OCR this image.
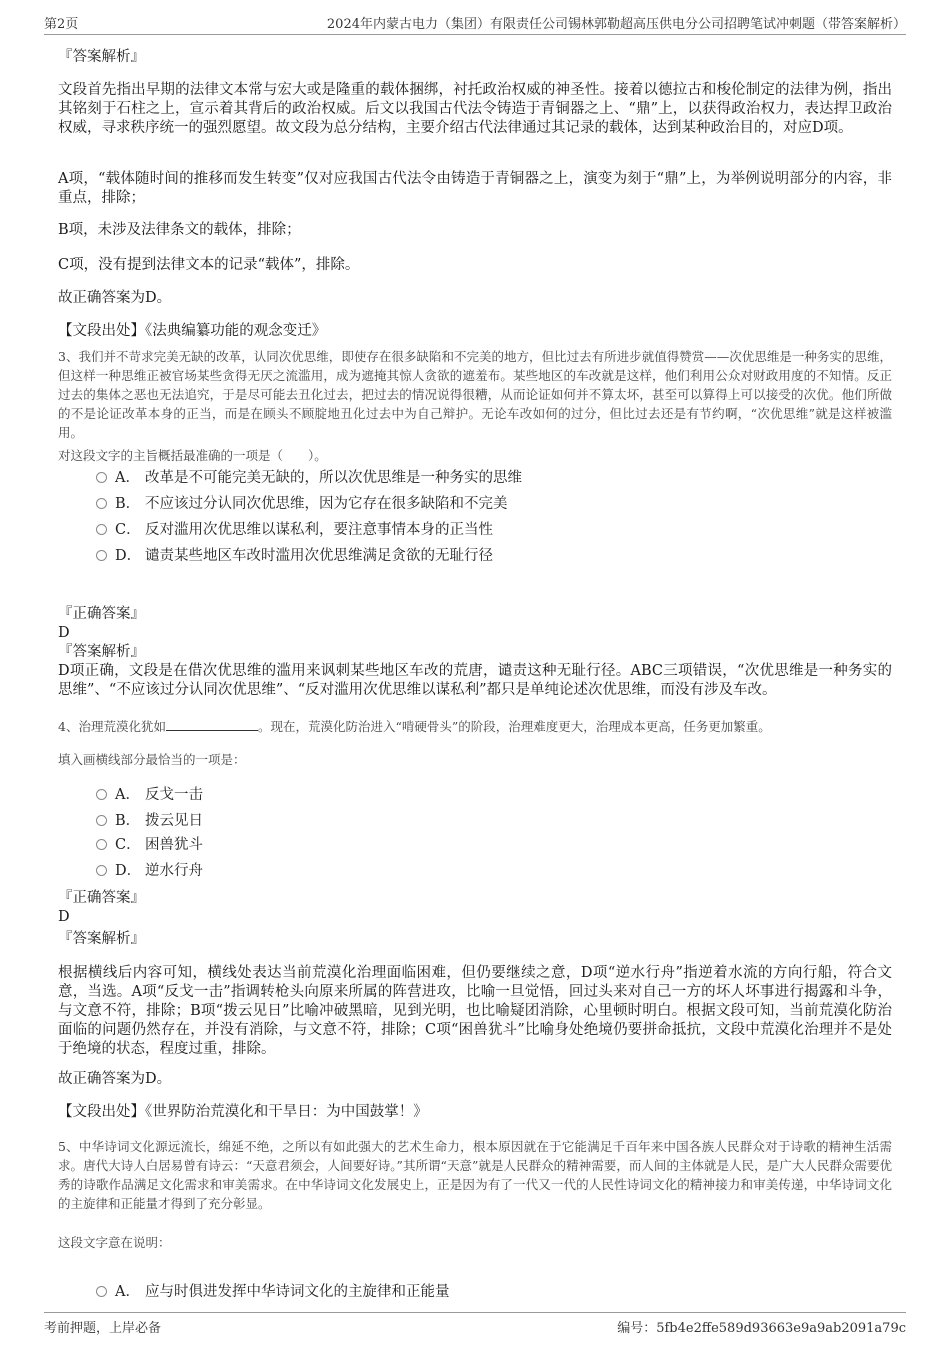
第2页	2024年内蒙古电力（集团）有限责任公司锡林郭勒超高压供电分公司招聘笔试冲刺题（带答案解析）
『答案解析』
文段首先指出早期的法律文本常与宏大或是隆重的载体捆绑，衬托政治权威的神圣性。接着以德拉古和梭伦制定的法律为例，指出其铭刻于石柱之上，宣示着其背后的政治权威。后文以我国古代法令铸造于青铜器之上、“鼎”上，以获得政治权力，表达捍卫政治权威，寻求秩序统一的强烈愿望。故文段为总分结构，主要介绍古代法律通过其记录的载体，达到某种政治目的，对应D项。
A项，“载体随时间的推移而发生转变”仅对应我国古代法令由铸造于青铜器之上，演变为刻于“鼎”上，为举例说明部分的内容，非重点，排除；
B项，未涉及法律条文的载体，排除；
C项，没有提到法律文本的记录“载体”，排除。
故正确答案为D。
【文段出处】《法典编纂功能的观念变迁》
3、我们并不苛求完美无缺的改革，认同次优思维，即使存在很多缺陷和不完美的地方，但比过去有所进步就值得赞赏——次优思维是一种务实的思维，但这样一种思维正被官场某些贪得无厌之流滥用，成为遮掩其惊人贪欲的遮羞布。某些地区的车改就是这样，他们利用公众对财政用度的不知情。反正过去的集体之恶也无法追究，于是尽可能去丑化过去，把过去的情况说得很糟，从而论证如何并不算太坏，甚至可以算得上可以接受的次优。他们所做的不是论证改革本身的正当，而是在顾头不顾腚地丑化过去中为自己辩护。无论车改如何的过分，但比过去还是有节约啊，“次优思维”就是这样被滥用。
对这段文字的主旨概括最准确的一项是（　　）。
A． 改革是不可能完美无缺的，所以次优思维是一种务实的思维
B． 不应该过分认同次优思维，因为它存在很多缺陷和不完美
C． 反对滥用次优思维以谋私利，要注意事情本身的正当性
D． 谴责某些地区车改时滥用次优思维满足贪欲的无耻行径
『正确答案』
D
『答案解析』
D项正确，文段是在借次优思维的滥用来讽刺某些地区车改的荒唐，谴责这种无耻行径。ABC三项错误，“次优思维是一种务实的思维”、“不应该过分认同次优思维”、“反对滥用次优思维以谋私利”都只是单纯论述次优思维，而没有涉及车改。
4、治理荒漠化犹如	。现在，荒漠化防治进入“啃硬骨头”的阶段，治理难度更大，治理成本更高，任务更加繁重。
填入画横线部分最恰当的一项是：
A． 反戈一击
B． 拨云见日
C． 困兽犹斗
D． 逆水行舟
『正确答案』
D
『答案解析』
根据横线后内容可知，横线处表达当前荒漠化治理面临困难，但仍要继续之意，D项“逆水行舟”指逆着水流的方向行船，符合文意，当选。A项“反戈一击”指调转枪头向原来所属的阵营进攻，比喻一旦觉悟，回过头来对自己一方的坏人坏事进行揭露和斗争，与文意不符，排除；B项“拨云见日”比喻冲破黑暗，见到光明，也比喻疑团消除，心里顿时明白。根据文段可知，当前荒漠化防治面临的问题仍然存在，并没有消除，与文意不符，排除；C项“困兽犹斗”比喻身处绝境仍要拼命抵抗，文段中荒漠化治理并不是处于绝境的状态，程度过重，排除。
故正确答案为D。
【文段出处】《世界防治荒漠化和干旱日：为中国鼓掌！》
5、中华诗词文化源远流长，绵延不绝，之所以有如此强大的艺术生命力，根本原因就在于它能满足千百年来中国各族人民群众对于诗歌的精神生活需求。唐代大诗人白居易曾有诗云：“天意君须会，人间要好诗。”其所谓“天意”就是人民群众的精神需要，而人间的主体就是人民，是广大人民群众需要优秀的诗歌作品满足文化需求和审美需求。在中华诗词文化发展史上，正是因为有了一代又一代的人民性诗词文化的精神接力和审美传递，中华诗词文化的主旋律和正能量才得到了充分彰显。
这段文字意在说明：
A． 应与时俱进发挥中华诗词文化的主旋律和正能量
考前押题，上岸必备	编号：5fb4e2ffe589d93663e9a9ab2091a79c
